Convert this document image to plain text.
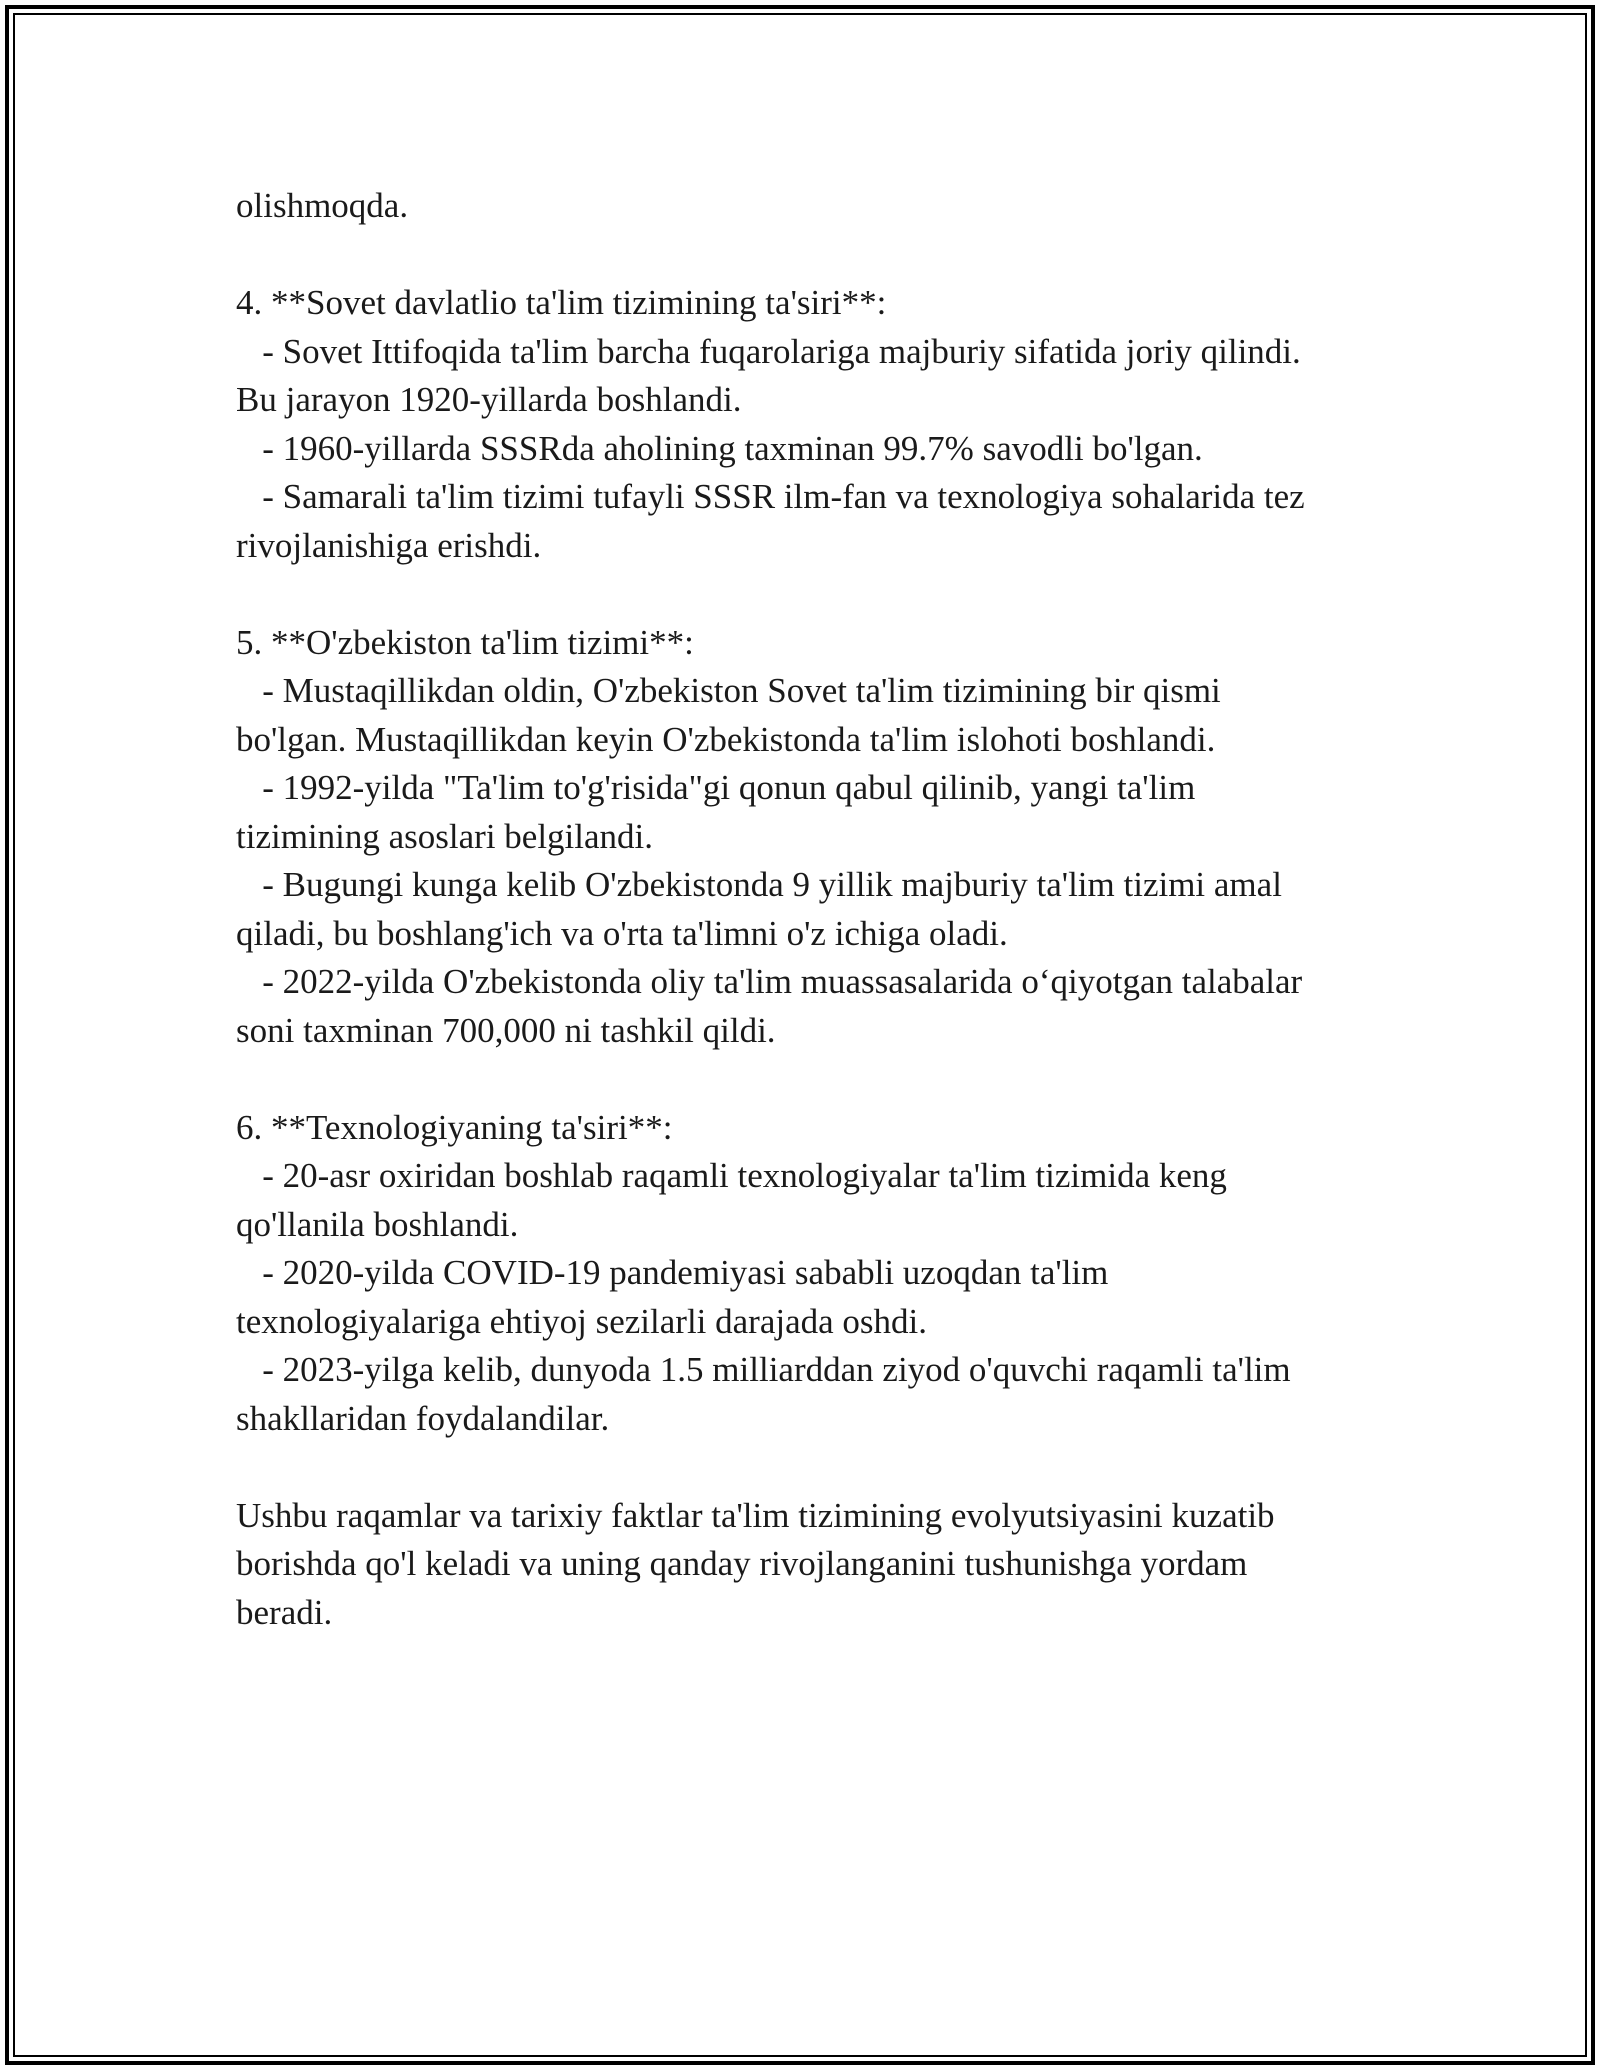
olishmoqda.
4. **Sovet davlatlio ta'lim tizimining ta'siri**:
- Sovet Ittifoqida ta'lim barcha fuqarolariga majburiy sifatida joriy qilindi.
Bu jarayon 1920-yillarda boshlandi.
- 1960-yillarda SSSRda aholining taxminan 99.7% savodli bo'lgan.
- Samarali ta'lim tizimi tufayli SSSR ilm-fan va texnologiya sohalarida tez
rivojlanishiga erishdi.
5. **O'zbekiston ta'lim tizimi**:
- Mustaqillikdan oldin, O'zbekiston Sovet ta'lim tizimining bir qismi
bo'lgan. Mustaqillikdan keyin O'zbekistonda ta'lim islohoti boshlandi.
- 1992-yilda "Ta'lim to'g'risida"gi qonun qabul qilinib, yangi ta'lim
tizimining asoslari belgilandi.
- Bugungi kunga kelib O'zbekistonda 9 yillik majburiy ta'lim tizimi amal
qiladi, bu boshlang'ich va o'rta ta'limni o'z ichiga oladi.
- 2022-yilda O'zbekistonda oliy ta'lim muassasalarida o‘qiyotgan talabalar
soni taxminan 700,000 ni tashkil qildi.
6. **Texnologiyaning ta'siri**:
- 20-asr oxiridan boshlab raqamli texnologiyalar ta'lim tizimida keng
qo'llanila boshlandi.
- 2020-yilda COVID-19 pandemiyasi sababli uzoqdan ta'lim
texnologiyalariga ehtiyoj sezilarli darajada oshdi.
- 2023-yilga kelib, dunyoda 1.5 milliarddan ziyod o'quvchi raqamli ta'lim
shakllaridan foydalandilar.
Ushbu raqamlar va tarixiy faktlar ta'lim tizimining evolyutsiyasini kuzatib
borishda qo'l keladi va uning qanday rivojlanganini tushunishga yordam
beradi.
